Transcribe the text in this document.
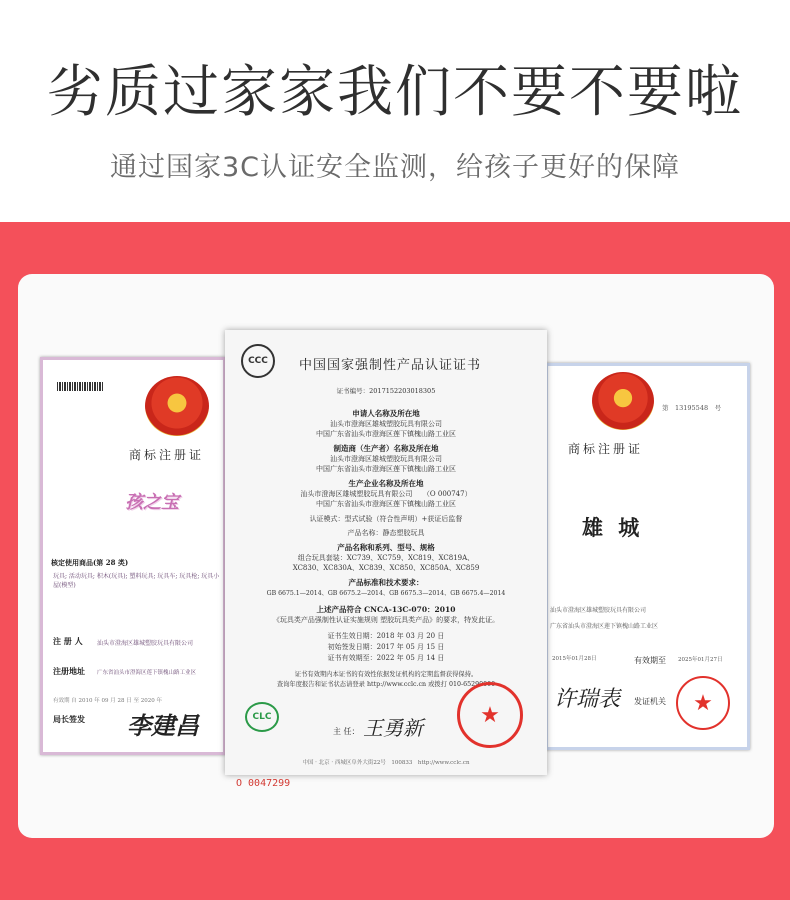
劣质过家家我们不要不要啦
通过国家3C认证安全监测，给孩子更好的保障
商标注册证
孩之宝
核定使用商品(第 28 类)
玩具; 活动玩具; 积木(玩具); 塑料玩具; 玩具车; 玩具枪; 玩具小屋(模型)
注 册 人 汕头市澄海区雄城塑胶玩具有限公司
注册地址 广东省汕头市澄海区莲下镇槐山路工业区
有效期 自 2010 年 09 月 28 日 至 2020 年
局长签发 李建昌
第　13195548　号
商标注册证
雄 城
汕头市澄海区雄城塑胶玩具有限公司
广东省汕头市澄海区莲下镇槐山路工业区
2015年01月28日	有效期至 2025年01月27日
许瑞表 发证机关	★
CCC	中国国家强制性产品认证证书
证书编号：2017152203018305
申请人名称及所在地
汕头市澄海区雄城塑胶玩具有限公司
中国广东省汕头市澄海区莲下镇槐山路工业区
制造商（生产者）名称及所在地
汕头市澄海区雄城塑胶玩具有限公司
中国广东省汕头市澄海区莲下镇槐山路工业区
生产企业名称及所在地
汕头市澄海区雄城塑胶玩具有限公司　　（O 000747）
中国广东省汕头市澄海区莲下镇槐山路工业区
认证模式：型式试验（符合性声明）+获证后监督
产品名称：静态塑胶玩具
产品名称和系列、型号、规格
组合玩具套装：XC739、XC759、XC819、XC819A、
XC830、XC830A、XC839、XC850、XC850A、XC859
产品标准和技术要求：
GB 6675.1—2014、GB 6675.2—2014、GB 6675.3—2014、GB 6675.4—2014
上述产品符合 CNCA-13C-070：2010
《玩具类产品强制性认证实施规则 塑胶玩具类产品》的要求，特发此证。
证书生效日期：2018 年 03 月 20 日
初始签发日期：2017 年 05 月 15 日
证书有效期至：2022 年 05 月 14 日
证书有效期内本证书的有效性依据发证机构的定期监督获得保持。
查询年度报告和证书状态请登录 http://www.cclc.cn 或拨打 010-65290000
CLC
主 任： 王勇新
★
中国 · 北京 · 西城区阜外大街22号　100833　http://www.cclc.cn
O 0047299
